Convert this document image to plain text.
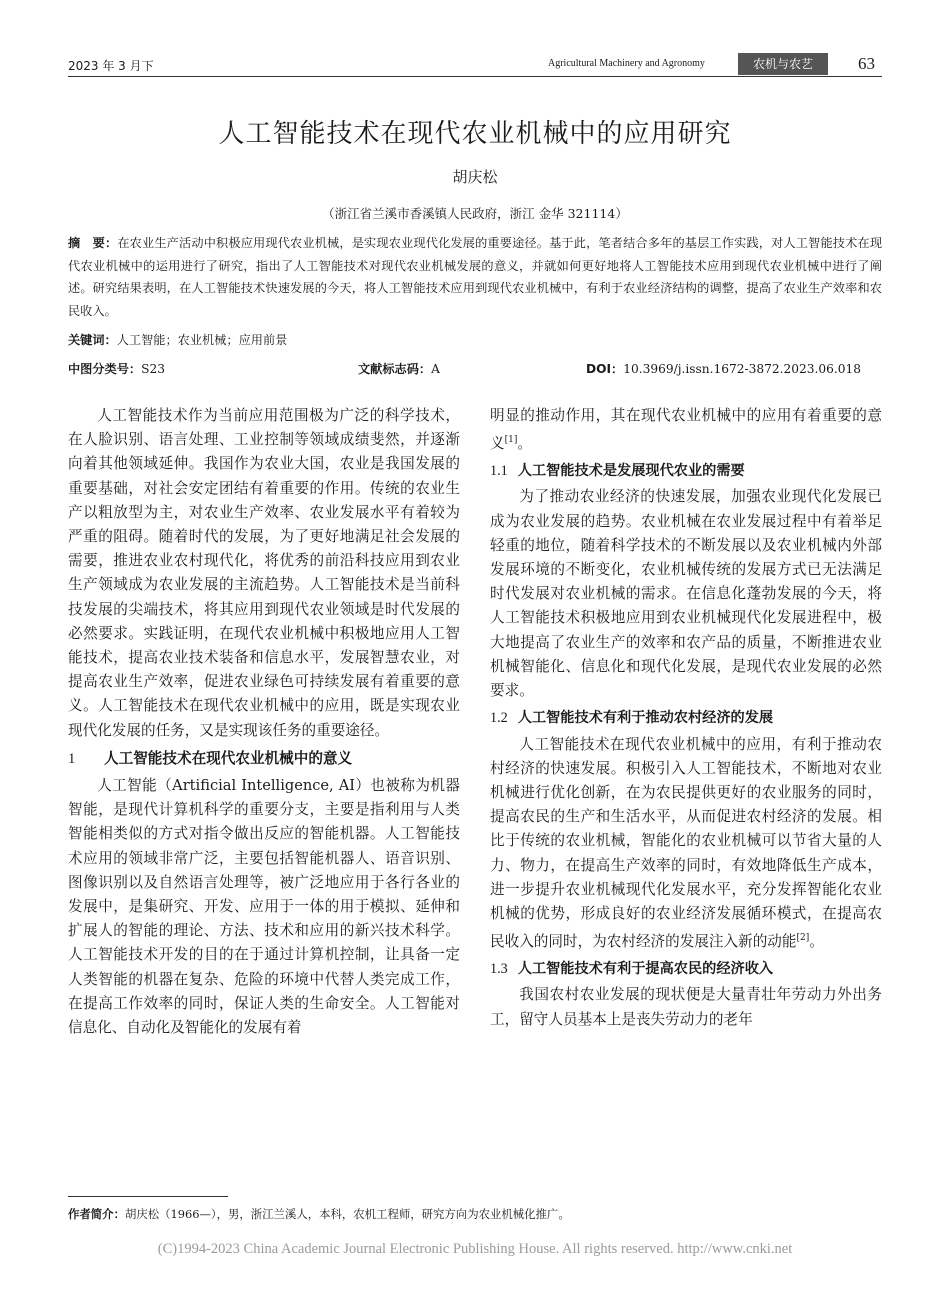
2023 年 3 月下	Agricultural Machinery and Agronomy	农机与农艺	63
人工智能技术在现代农业机械中的应用研究
胡庆松
（浙江省兰溪市香溪镇人民政府，浙江 金华 321114）

摘　要：在农业生产活动中积极应用现代农业机械，是实现农业现代化发展的重要途径。基于此，笔者结合多年的基层工作实践，对人工智能技术在现代农业机械中的运用进行了研究，指出了人工智能技术对现代农业机械发展的意义，并就如何更好地将人工智能技术应用到现代农业机械中进行了阐述。研究结果表明，在人工智能技术快速发展的今天，将人工智能技术应用到现代农业机械中，有利于农业经济结构的调整，提高了农业生产效率和农民收入。

关键词：人工智能；农业机械；应用前景
中图分类号：S23	文献标志码：A	DOI：10.3969/j.issn.1672-3872.2023.06.018

人工智能技术作为当前应用范围极为广泛的科学技术，在人脸识别、语言处理、工业控制等领域成绩斐然，并逐渐向着其他领域延伸。我国作为农业大国，农业是我国发展的重要基础，对社会安定团结有着重要的作用。传统的农业生产以粗放型为主，对农业生产效率、农业发展水平有着较为严重的阻碍。随着时代的发展，为了更好地满足社会发展的需要，推进农业农村现代化，将优秀的前沿科技应用到农业生产领域成为农业发展的主流趋势。人工智能技术是当前科技发展的尖端技术，将其应用到现代农业领域是时代发展的必然要求。实践证明，在现代农业机械中积极地应用人工智能技术，提高农业技术装备和信息水平，发展智慧农业，对提高农业生产效率，促进农业绿色可持续发展有着重要的意义。人工智能技术在现代农业机械中的应用，既是实现农业现代化发展的任务，又是实现该任务的重要途径。

1 人工智能技术在现代农业机械中的意义

人工智能（Artificial Intelligence, AI）也被称为机器智能，是现代计算机科学的重要分支，主要是指利用与人类智能相类似的方式对指令做出反应的智能机器。人工智能技术应用的领域非常广泛，主要包括智能机器人、语音识别、图像识别以及自然语言处理等，被广泛地应用于各行各业的发展中，是集研究、开发、应用于一体的用于模拟、延伸和扩展人的智能的理论、方法、技术和应用的新兴技术科学。人工智能技术开发的目的在于通过计算机控制，让具备一定人类智能的机器在复杂、危险的环境中代替人类完成工作，在提高工作效率的同时，保证人类的生命安全。人工智能对信息化、自动化及智能化的发展有着

明显的推动作用，其在现代农业机械中的应用有着重要的意义[1]。

1.1 人工智能技术是发展现代农业的需要

为了推动农业经济的快速发展，加强农业现代化发展已成为农业发展的趋势。农业机械在农业发展过程中有着举足轻重的地位，随着科学技术的不断发展以及农业机械内外部发展环境的不断变化，农业机械传统的发展方式已无法满足时代发展对农业机械的需求。在信息化蓬勃发展的今天，将人工智能技术积极地应用到农业机械现代化发展进程中，极大地提高了农业生产的效率和农产品的质量，不断推进农业机械智能化、信息化和现代化发展，是现代农业发展的必然要求。

1.2 人工智能技术有利于推动农村经济的发展

人工智能技术在现代农业机械中的应用，有利于推动农村经济的快速发展。积极引入人工智能技术，不断地对农业机械进行优化创新，在为农民提供更好的农业服务的同时，提高农民的生产和生活水平，从而促进农村经济的发展。相比于传统的农业机械，智能化的农业机械可以节省大量的人力、物力，在提高生产效率的同时，有效地降低生产成本，进一步提升农业机械现代化发展水平，充分发挥智能化农业机械的优势，形成良好的农业经济发展循环模式，在提高农民收入的同时，为农村经济的发展注入新的动能[2]。

1.3 人工智能技术有利于提高农民的经济收入

我国农村农业发展的现状便是大量青壮年劳动力外出务工，留守人员基本上是丧失劳动力的老年

作者简介：胡庆松（1966—），男，浙江兰溪人，本科，农机工程师，研究方向为农业机械化推广。
(C)1994-2023 China Academic Journal Electronic Publishing House. All rights reserved. http://www.cnki.net
